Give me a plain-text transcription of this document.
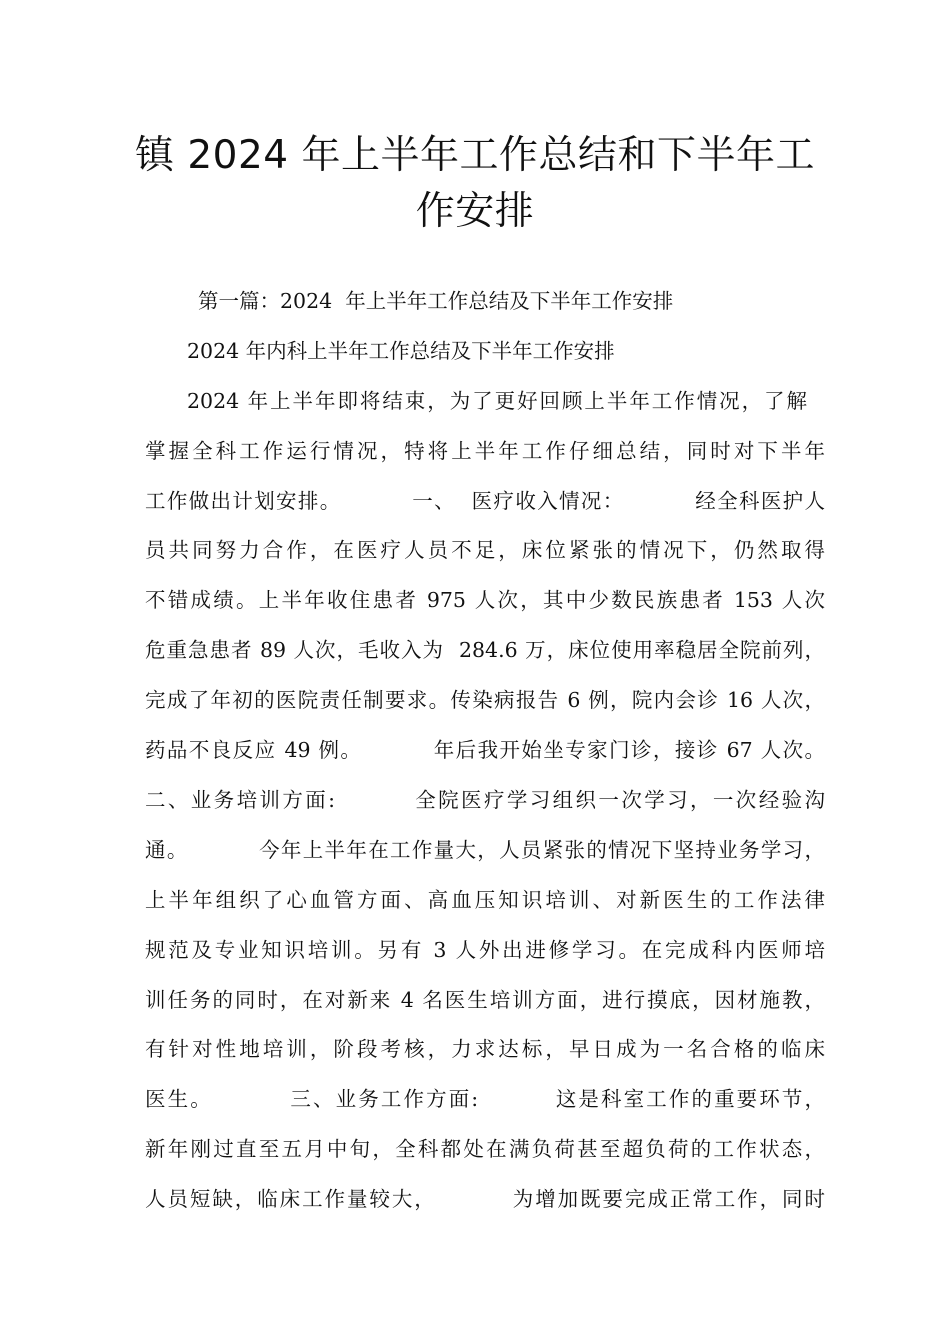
镇 2024 年上半年工作总结和下半年工
作安排
第一篇：2024  年上半年工作总结及下半年工作安排
2024 年内科上半年工作总结及下半年工作安排
2024 年上半年即将结束，为了更好回顾上半年工作情况，了解
掌握全科工作运行情况，特将上半年工作仔细总结，同时对下半年
工作做出计划安排。         一、  医疗收入情况：         经全科医护人
员共同努力合作，在医疗人员不足，床位紧张的情况下，仍然取得
不错成绩。上半年收住患者 975 人次，其中少数民族患者 153 人次
危重急患者 89 人次，毛收入为  284.6 万，床位使用率稳居全院前列，
完成了年初的医院责任制要求。传染病报告 6 例，院内会诊 16 人次，
药品不良反应 49 例。         年后我开始坐专家门诊，接诊 67 人次。
二、业务培训方面:         全院医疗学习组织一次学习，一次经验沟
通。         今年上半年在工作量大，人员紧张的情况下坚持业务学习，
上半年组织了心血管方面、高血压知识培训、对新医生的工作法律
规范及专业知识培训。另有 3 人外出进修学习。在完成科内医师培
训任务的同时，在对新来 4 名医生培训方面，进行摸底，因材施教，
有针对性地培训，阶段考核，力求达标，早日成为一名合格的临床
医生。         三、业务工作方面:         这是科室工作的重要环节，
新年刚过直至五月中旬，全科都处在满负荷甚至超负荷的工作状态，
人员短缺，临床工作量较大，         为增加既要完成正常工作，同时
